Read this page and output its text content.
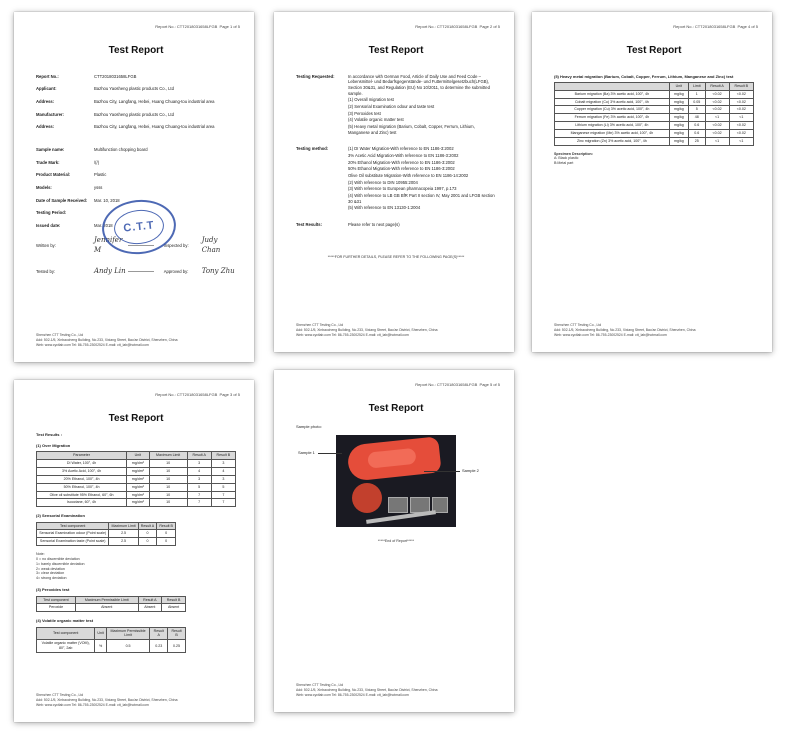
Report No.: CTT2018031658LFGB Page 1 of 5
Test Report
Report No.:	CTT2018031658LFGB
Applicant:	Bazhou Yaosheng plastic products Co., Ltd
Address:	Bazhou City, Langfang, Hebei, Huang Chuang-tou industrial area
Manufacturer:	Bazhou Yaosheng plastic products Co., Ltd
Address:	Bazhou City, Langfang, Hebei, Huang Chuang-tou industrial area
Sample name:	Multifunction chopping board
Trade Mark:	/(/)
Product Material:	Plastic
Models:	ysss
Date of Sample Received:	Mar. 10, 2018
Testing Period:
Issued date:	Mar. 2018 C.T.T
Written by:
Jennifer M
Inspected by:
Judy Chan
Tested by:	Andy Lin	Approved by:	Tony Zhu
Shenzhen CTT Testing Co., Ltd
Add: 502-1/5, Xinbaocheng Building, No.233, Xixiang Street, Bao'an District, Shenzhen, China
Web: www.cyctlab.com Tel: 86-755-23002524 E-mail: ctt_lab@hotmail.com
Report No.: CTT2018031658LFGB Page 2 of 5
Test Report
Testing Requested:	In accordance with German Food, Article of Daily Use and Feed Code – Lebensmittel- und Bedarfsgegenstände- und Futtermittelgesetzbuch(LFGB), Section 30&31, and Regulation (EU) No 10/2011, to determine the submitted sample.
(1) Overall migration test
(2) Sensorial Examination odour and taste test
(3) Peroxides test
(4) Volatile organic matter test
(5) Heavy metal migration (Barium, Cobalt, Copper, Ferrum, Lithium, Manganese and Zinc) test
Testing method:	(1) DI Water Migration-With reference to EN 1186-3:2002
3% Acetic Acid Migration-With reference to EN 1186-3:2002
20% Ethanol Migration-With reference to EN 1186-3:2002
50% Ethanol Migration-With reference to EN 1186-3:2002
Olive Oil substitute Migration-With reference to EN 1186-14:2002
(2) With reference to DIN 10955:2004
(3) With reference to European pharmacopeia 1997, p.173
(4) With reference to LB GB BfR Part II section IV, May 2001 and LFGB section 30 &31
(5) With reference to EN 13130-1:2004
Test Results:	Please refer to next page(s)
*****FOR FURTHER DETAILS, PLEASE REFER TO THE FOLLOWING PAGE(S)*****
Shenzhen CTT Testing Co., Ltd
Add: 502-1/5, Xinbaocheng Building, No.233, Xixiang Street, Bao'an District, Shenzhen, China
Web: www.cyctlab.com Tel: 86-755-23002524 E-mail: ctt_lab@hotmail.com
Report No.: CTT2018031658LFGB Page 4 of 5
Test Report
(5) Heavy metal migration (Barium, Cobalt, Copper, Ferrum, Lithium, Manganese and Zinc) test
	Unit	Limit	Result A	Result B
Barium migration (Ba) 3% acetic acid, 100°, 4h	mg/kg	1	<0.02	<0.02
Cobalt migration (Co) 3% acetic acid, 100°, 4h	mg/kg	0.05	<0.02	<0.02
Copper migration (Cu) 3% acetic acid, 100°, 4h	mg/kg	5	<0.02	<0.02
Ferrum migration (Fe) 3% acetic acid, 100°, 4h	mg/kg	48	<1	<1
Lithium migration (Li) 3% acetic acid, 100°, 4h	mg/kg	0.6	<0.02	<0.02
Manganese migration (Mn) 3% acetic acid, 100°, 4h	mg/kg	0.6	<0.02	<0.02
Zinc migration (Zn) 3% acetic acid, 100°, 4h	mg/kg	25	<1	<1
Specimen Description:
A: Black plastic
B:Metal part
Shenzhen CTT Testing Co., Ltd
Add: 502-1/5, Xinbaocheng Building, No.233, Xixiang Street, Bao'an District, Shenzhen, China
Web: www.cyctlab.com Tel: 86-755-23002524 E-mail: ctt_lab@hotmail.com
Report No.: CTT2018031658LFGB Page 3 of 5
Test Report
Test Results :
(1) Over Migration
Parameter	Unit	Maximum Limit	Result A	Result B
DI Water, 100°, 4h	mg/dm²	10	3	3
3% Acetic Acid, 100°, 4h	mg/dm²	10	4	4
20% Ethanol, 100°, 4h	mg/dm²	10	3	3
50% Ethanol, 100°, 4h	mg/dm²	10	5	5
Olive oil substitute 95% Ethanol, 60°, 6h	mg/dm²	10	7	7
Isooctane, 60°, 4h	mg/dm²	10	7	7
(2) Sensorial Examination
Test component	Maximum Limit	Result A	Result B
Sensorial Examination odour (Point scale)	2.5	0	0
Sensorial Examination taste (Point scale)	2.5	0	0
Note:
0 = no discernible deviation
1= barely discernible deviation
2= weak deviation
3= clear deviation
4= strong deviation
(3) Peroxides test
Test component	Maximum Permissible Limit	Result A	Result B
Peroxide	Absent	Absent	Absent
(4) Volatile organic matter test
Test component	Unit	Maximum Permissible Limit	Result A	Result B
Volatile organic matter (VOM), 80°, 2ab	%	0.5	0.23	0.25
Shenzhen CTT Testing Co., Ltd
Add: 502-1/5, Xinbaocheng Building, No.233, Xixiang Street, Bao'an District, Shenzhen, China
Web: www.cyctlab.com Tel: 86-755-23002524 E-mail: ctt_lab@hotmail.com
Report No.: CTT2018031658LFGB Page 5 of 5
Test Report
Sample photo:
Sample 1
Sample 2
*****End of Report*****
Shenzhen CTT Testing Co., Ltd
Add: 502-1/5, Xinbaocheng Building, No.233, Xixiang Street, Bao'an District, Shenzhen, China
Web: www.cyctlab.com Tel: 86-755-23002524 E-mail: ctt_lab@hotmail.com
